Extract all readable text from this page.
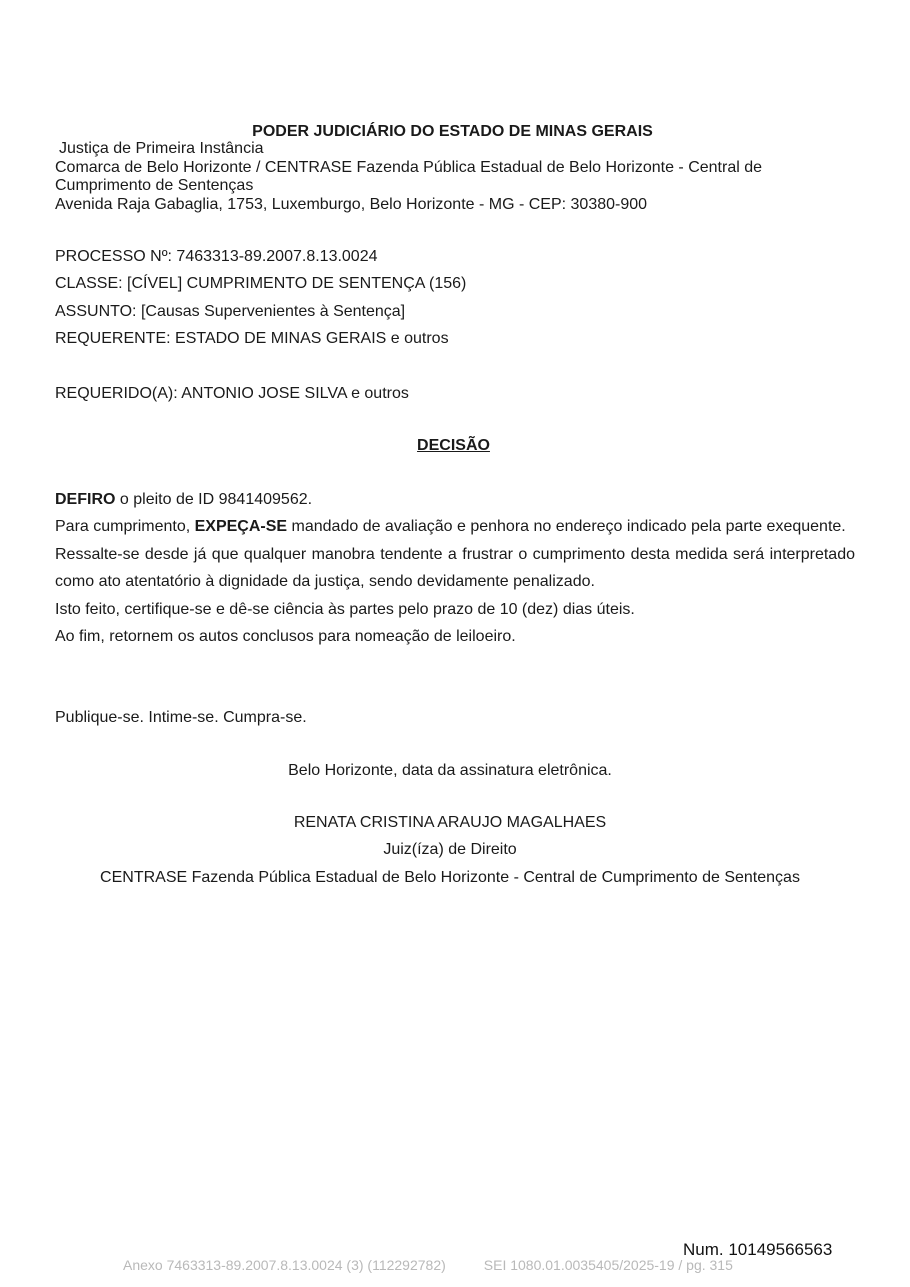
PODER JUDICIÁRIO DO ESTADO DE MINAS GERAIS
Justiça de Primeira Instância
Comarca de Belo Horizonte / CENTRASE Fazenda Pública Estadual de Belo Horizonte - Central de Cumprimento de Sentenças
Avenida Raja Gabaglia, 1753, Luxemburgo, Belo Horizonte - MG - CEP: 30380-900
PROCESSO Nº: 7463313-89.2007.8.13.0024
CLASSE: [CÍVEL] CUMPRIMENTO DE SENTENÇA (156)
ASSUNTO: [Causas Supervenientes à Sentença]
REQUERENTE: ESTADO DE MINAS GERAIS e outros
REQUERIDO(A): ANTONIO JOSE SILVA e outros
DECISÃO

DEFIRO o pleito de ID 9841409562.

Para cumprimento, EXPEÇA-SE mandado de avaliação e penhora no endereço indicado pela parte exequente.

Ressalte-se desde já que qualquer manobra tendente a frustrar o cumprimento desta medida será interpretado como ato atentatório à dignidade da justiça, sendo devidamente penalizado.

Isto feito, certifique-se e dê-se ciência às partes pelo prazo de 10 (dez) dias úteis.

Ao fim, retornem os autos conclusos para nomeação de leiloeiro.

Publique-se. Intime-se. Cumpra-se.
Belo Horizonte, data da assinatura eletrônica.
RENATA CRISTINA ARAUJO MAGALHAES
Juiz(íza) de Direito
CENTRASE Fazenda Pública Estadual de Belo Horizonte - Central de Cumprimento de Sentenças
Num. 10149566563
Anexo 7463313-89.2007.8.13.0024 (3) (112292782)	SEI 1080.01.0035405/2025-19 / pg. 315
